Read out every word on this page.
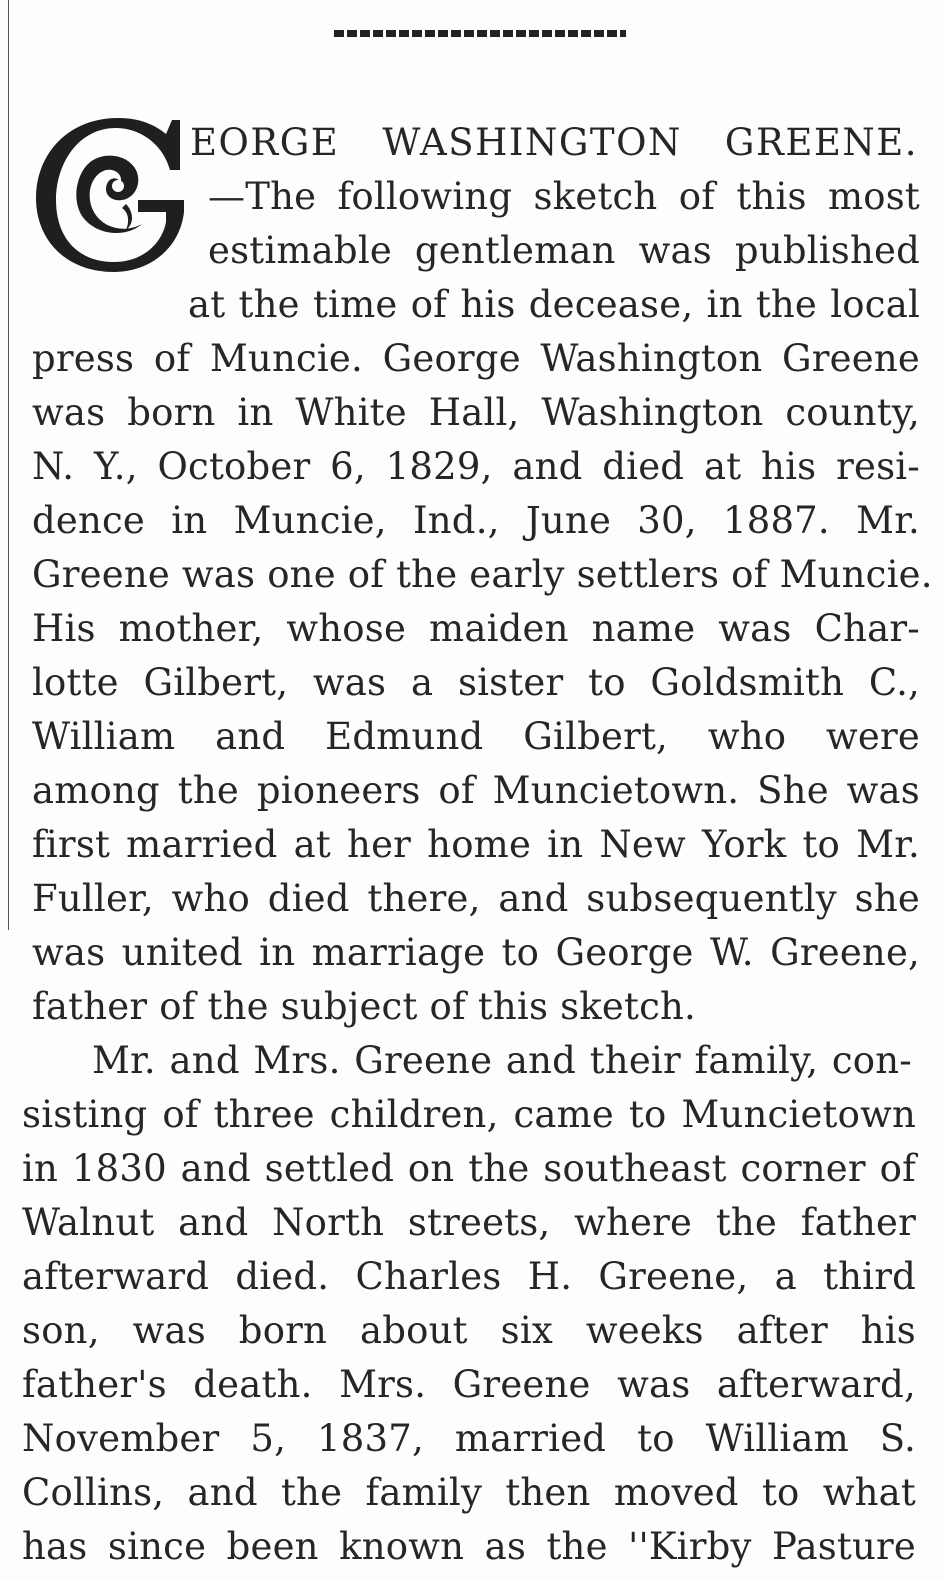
EORGE WASHINGTON GREENE.
—The following sketch of this most
estimable gentleman was published
at the time of his decease, in the local
press of Muncie. George Washington Greene
was born in White Hall, Washington county,
N. Y., October 6, 1829, and died at his resi-
dence in Muncie, Ind., June 30, 1887. Mr.
Greene was one of the early settlers of Muncie.
His mother, whose maiden name was Char-
lotte Gilbert, was a sister to Goldsmith C.,
William and Edmund Gilbert, who were
among the pioneers of Muncietown. She was
first married at her home in New York to Mr.
Fuller, who died there, and subsequently she
was united in marriage to George W. Greene,
father of the subject of this sketch.
Mr. and Mrs. Greene and their family, con-
sisting of three children, came to Muncietown
in 1830 and settled on the southeast corner of
Walnut and North streets, where the father
afterward died. Charles H. Greene, a third
son, was born about six weeks after his
father's death. Mrs. Greene was afterward,
November 5, 1837, married to William S.
Collins, and the family then moved to what
has since been known as the ''Kirby Pasture
